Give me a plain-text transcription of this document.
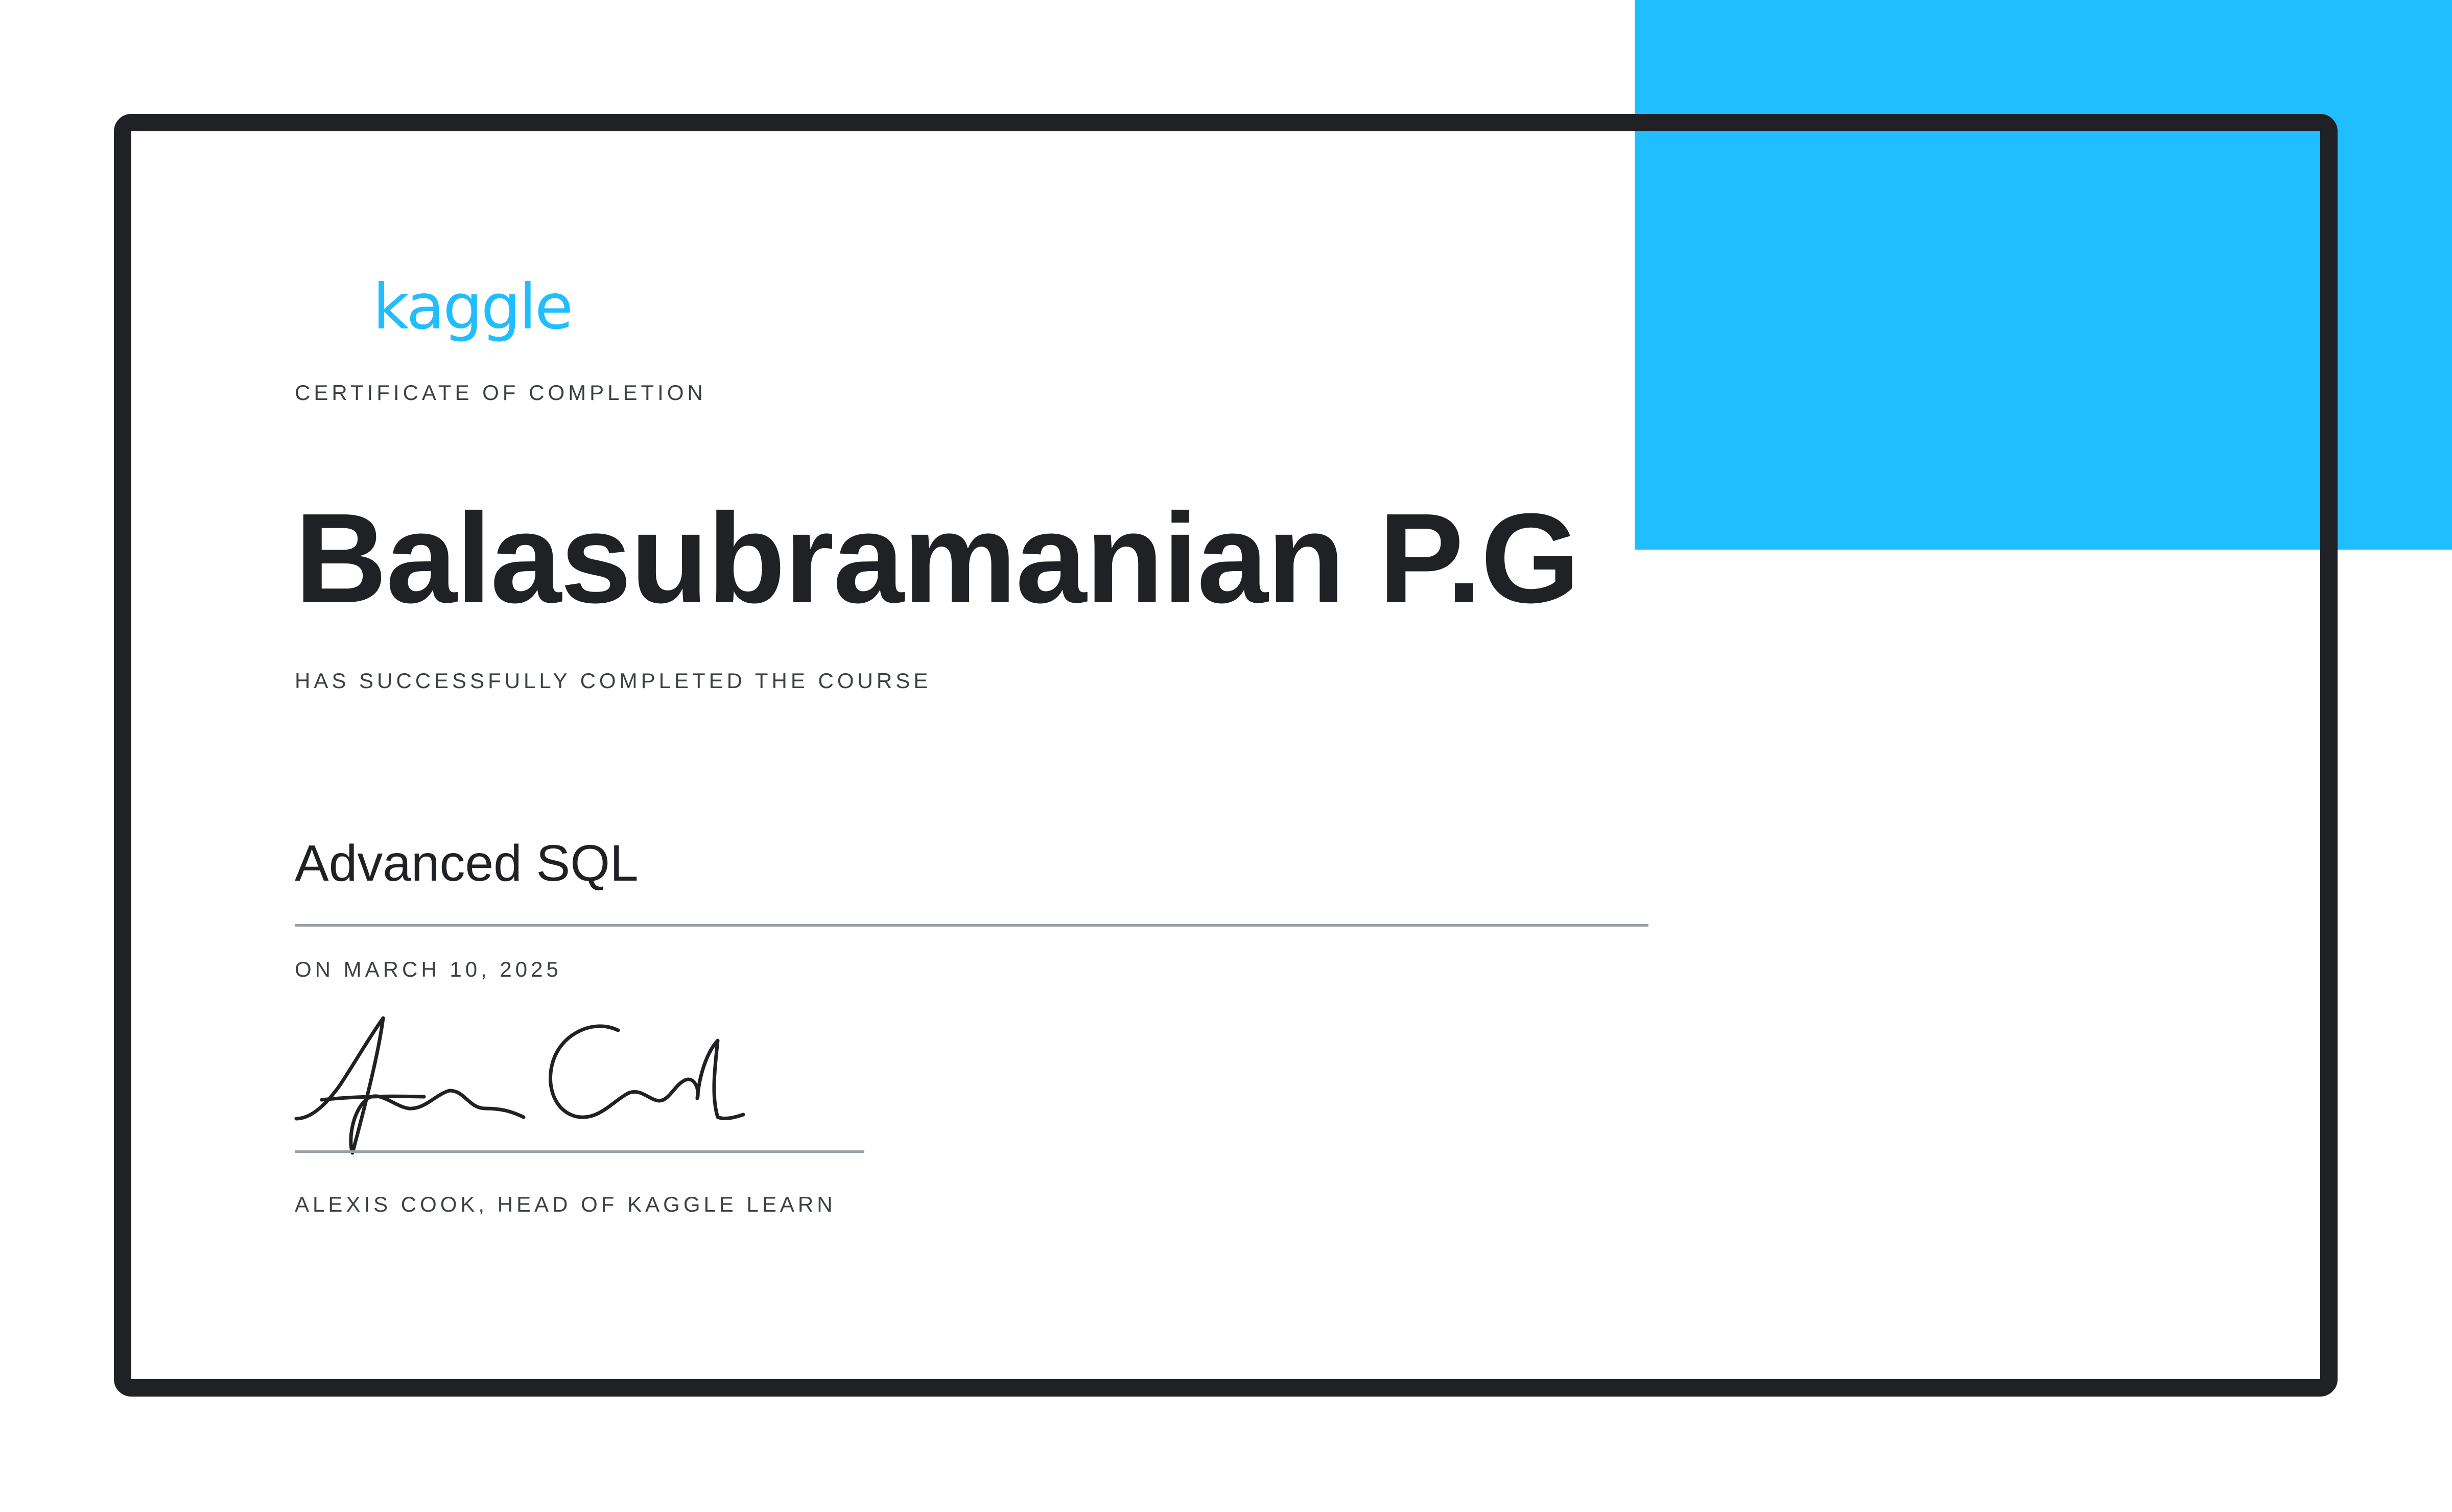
kaggle
CERTIFICATE OF COMPLETION
Balasubramanian P.G
HAS SUCCESSFULLY COMPLETED THE COURSE
Advanced SQL
ON MARCH 10, 2025
ALEXIS COOK, HEAD OF KAGGLE LEARN
